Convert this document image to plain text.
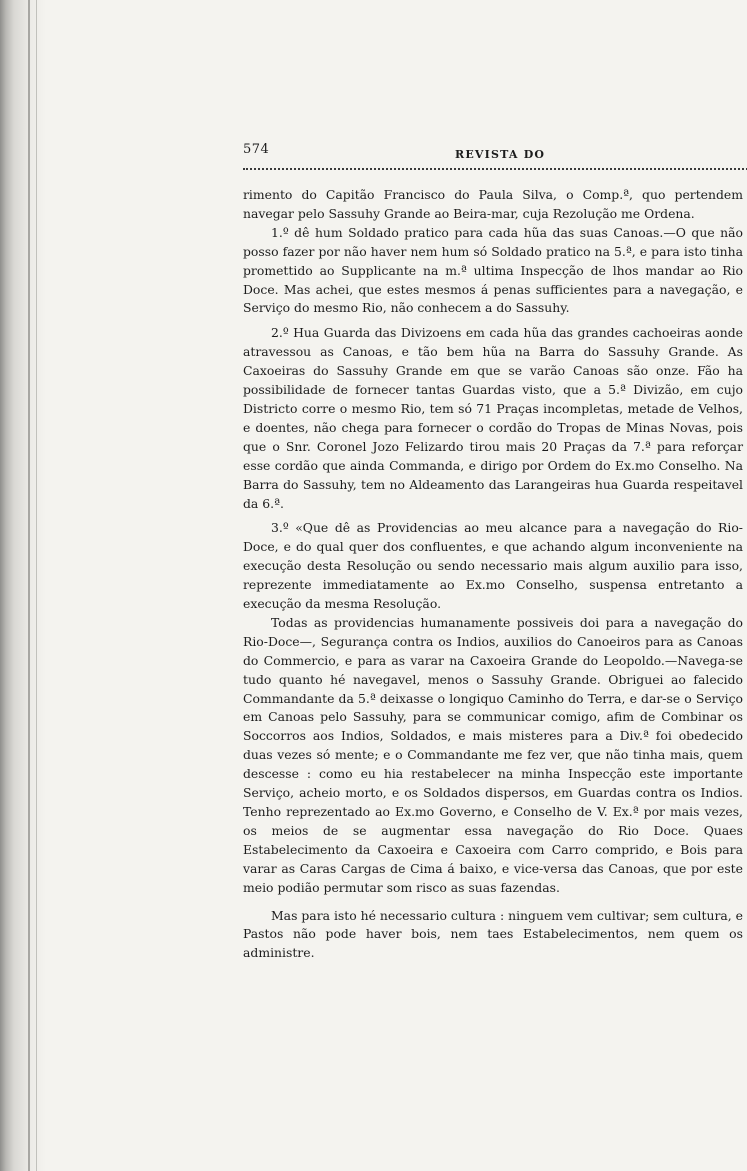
574	REVISTA DO

rimento do Capitão Francisco do Paula Silva, o Comp.ª, quo pertendem navegar pelo Sassuhy Grande ao Beira-mar, cuja Rezolução me Ordena.

1.º dê hum Soldado pratico para cada hũa das suas Canoas.—O que não posso fazer por não haver nem hum só Soldado pratico na 5.ª, e para isto tinha promettido ao Supplicante na m.ª ultima Inspecção de lhos mandar ao Rio Doce. Mas achei, que estes mesmos á penas sufficientes para a navegação, e Serviço do mesmo Rio, não conhecem a do Sassuhy.

2.º Hua Guarda das Divizoens em cada hũa das grandes cachoeiras aonde atravessou as Canoas, e tão bem hũa na Barra do Sassuhy Grande. As Caxoeiras do Sassuhy Grande em que se varão Canoas são onze. Fão ha possibilidade de fornecer tantas Guardas visto, que a 5.ª Divizão, em cujo Districto corre o mesmo Rio, tem só 71 Praças incompletas, metade de Velhos, e doentes, não chega para fornecer o cordão do Tropas de Minas Novas, pois que o Snr. Coronel Jozo Felizardo tirou mais 20 Praças da 7.ª para reforçar esse cordão que ainda Commanda, e dirigo por Ordem do Ex.mo Conselho. Na Barra do Sassuhy, tem no Aldeamento das Larangeiras hua Guarda respeitavel da 6.ª.

3.º «Que dê as Providencias ao meu alcance para a navegação do Rio-Doce, e do qual quer dos confluentes, e que achando algum inconveniente na execução desta Resolução ou sendo necessario mais algum auxilio para isso, reprezente immediatamente ao Ex.mo Conselho, suspensa entretanto a execução da mesma Resolução.

Todas as providencias humanamente possiveis doi para a navegação do Rio-Doce—, Segurança contra os Indios, auxilios do Canoeiros para as Canoas do Commercio, e para as varar na Caxoeira Grande do Leopoldo.—Navega-se tudo quanto hé navegavel, menos o Sassuhy Grande. Obriguei ao falecido Commandante da 5.ª deixasse o longiquo Caminho do Terra, e dar-se o Serviço em Canoas pelo Sassuhy, para se communicar comigo, afim de Combinar os Soccorros aos Indios, Soldados, e mais misteres para a Div.ª foi obedecido duas vezes só mente; e o Commandante me fez ver, que não tinha mais, quem descesse : como eu hia restabelecer na minha Inspecção este importante Serviço, acheio morto, e os Soldados dispersos, em Guardas contra os Indios. Tenho reprezentado ao Ex.mo Governo, e Conselho de V. Ex.ª por mais vezes, os meios de se augmentar essa navegação do Rio Doce. Quaes Estabelecimento da Caxoeira e Caxoeira com Carro comprido, e Bois para varar as Caras Cargas de Cima á baixo, e vice-versa das Canoas, que por este meio podião permutar som risco as suas fazendas.

Mas para isto hé necessario cultura : ninguem vem cultivar; sem cultura, e Pastos não pode haver bois, nem taes Estabelecimentos, nem quem os administre.
